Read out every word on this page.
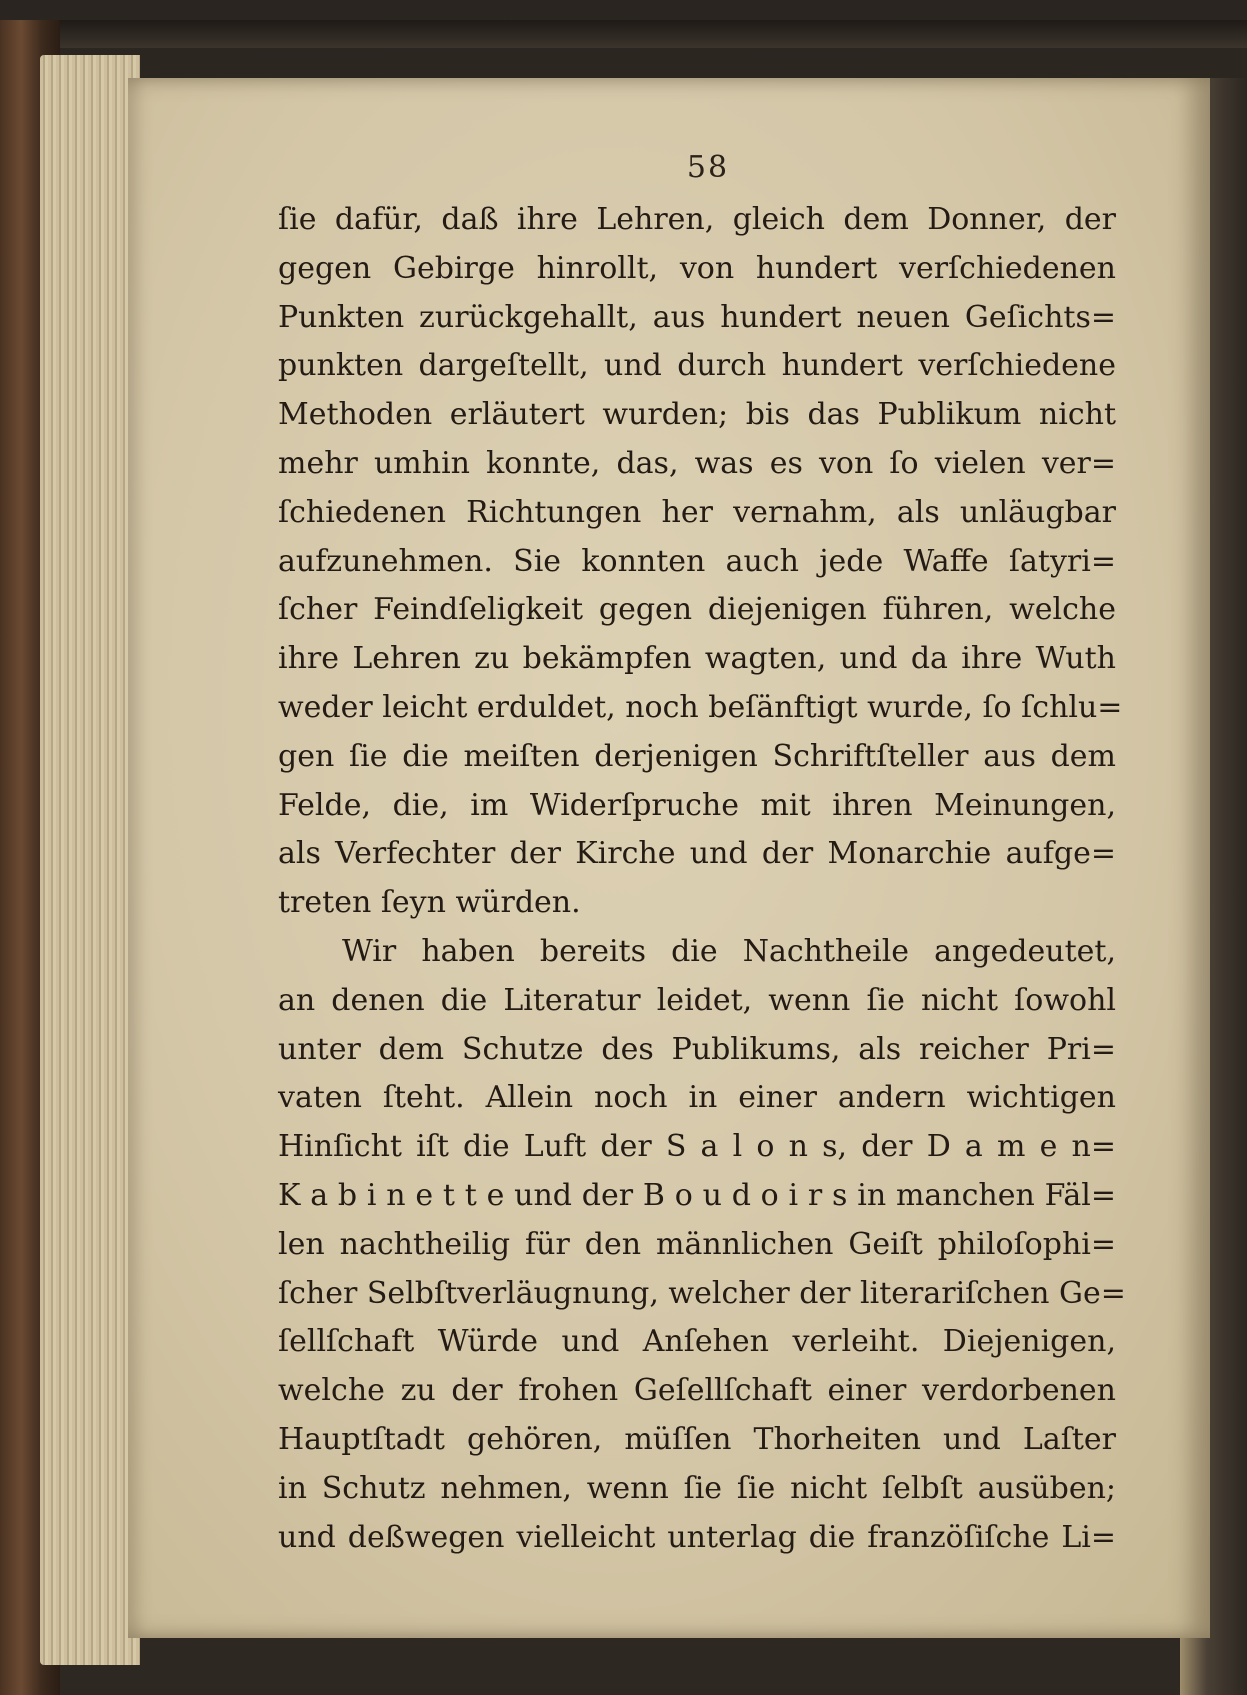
58
ſie dafür, daß ihre Lehren, gleich dem Donner, der
gegen Gebirge hinrollt, von hundert verſchiedenen
Punkten zurückgehallt, aus hundert neuen Geſichts=
punkten dargeſtellt, und durch hundert verſchiedene
Methoden erläutert wurden; bis das Publikum nicht
mehr umhin konnte, das, was es von ſo vielen ver=
ſchiedenen Richtungen her vernahm, als unläugbar
aufzunehmen. Sie konnten auch jede Waffe ſatyri=
ſcher Feindſeligkeit gegen diejenigen führen, welche
ihre Lehren zu bekämpfen wagten, und da ihre Wuth
weder leicht erduldet, noch beſänftigt wurde, ſo ſchlu=
gen ſie die meiſten derjenigen Schriftſteller aus dem
Felde, die, im Widerſpruche mit ihren Meinungen,
als Verfechter der Kirche und der Monarchie aufge=
treten ſeyn würden.
Wir haben bereits die Nachtheile angedeutet,
an denen die Literatur leidet, wenn ſie nicht ſowohl
unter dem Schutze des Publikums, als reicher Pri=
vaten ſteht. Allein noch in einer andern wichtigen
Hinſicht iſt die Luft der S a l o n s, der D a m e n=
K a b i n e t t e und der B o u d o i r s in manchen Fäl=
len nachtheilig für den männlichen Geiſt philoſophi=
ſcher Selbſtverläugnung, welcher der literariſchen Ge=
ſellſchaft Würde und Anſehen verleiht. Diejenigen,
welche zu der frohen Geſellſchaft einer verdorbenen
Hauptſtadt gehören, müſſen Thorheiten und Laſter
in Schutz nehmen, wenn ſie ſie nicht ſelbſt ausüben;
und deßwegen vielleicht unterlag die franzöſiſche Li=
